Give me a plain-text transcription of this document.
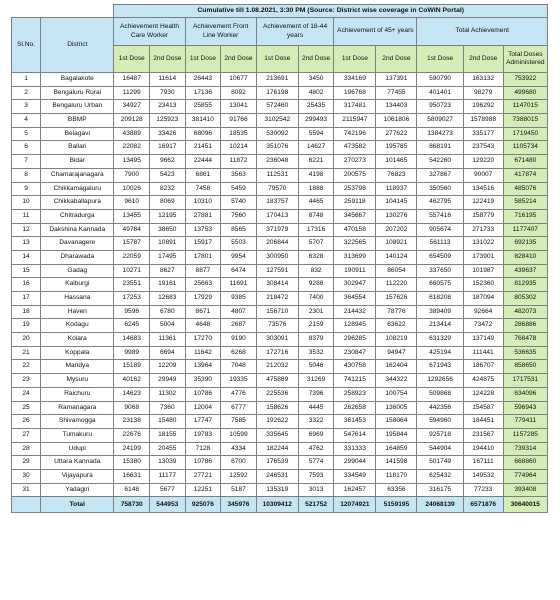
		Cumulative till 1.08.2021, 3:30 PM (Source: District wise coverage in CoWIN Portal)										
Sl.No.	District	Achievement Health Care Worker		Achievement Front Line Worker		Achievement of 18-44 years		Achievement of 45+ years		Total Achievement		
		1st Dose	2nd Dose	1st Dose	2nd Dose	1st Dose	2nd Dose	1st Dose	2nd Dose	1st Dose	2nd Dose	Total Doses Administered
1	Bagalakote	16487	11614	26443	10677	213691	3450	334169	137391	590790	163132	753922
2	Bengaluru Rural	11299	7930	17136	8092	176198	4802	196768	77455	401401	98279	499680
3	Bengaluru Urban	34927	23413	25855	13041	572460	25435	317481	134403	950723	196292	1147015
4	BBMP	209128	125923	381410	91766	3102542	299493	2115947	1061806	5809027	1578988	7388015
5	Belagavi	43889	33426	68096	18535	530092	5594	742196	277622	1384273	335177	1719450
6	Ballari	22082	16917	21451	10214	351076	14627	473582	195785	868191	237543	1105734
7	Bidar	13495	9662	22444	11872	236048	6221	270273	101465	542260	129220	671480
8	Chamarajanagara	7900	5423	6861	3563	112531	4198	200575	76823	327867	90007	417874
9	Chikkamagaluru	10026	8232	7458	5459	79570	1888	253798	118937	350560	134516	485076
10	Chikkaballapura	9610	8069	10310	5740	183757	4465	259118	104145	462795	122419	585214
11	Chitradurga	13455	12195	27881	7560	170413	8748	345667	130276	557416	158779	716195
12	Dakshina Kannada	49784	38650	13753	8565	371979	17316	470158	207202	905674	271733	1177407
13	Davanagere	15787	10891	15917	5503	206844	5707	322565	108921	561113	131022	692135
14	Dharawada	22059	17495	17801	9954	300950	6328	313699	140124	654509	173901	828410
15	Gadag	10271	8627	8877	6474	127591	832	190911	86054	337650	101987	439637
16	Kalburgi	23551	19161	25663	11691	308414	9288	302947	112220	660575	152360	812935
17	Hassana	17253	12683	17929	9385	218472	7400	364554	157626	618208	187094	805302
18	Haveri	9596	6780	8671	4807	156710	2301	214432	78776	389409	92664	482073
19	Kodagu	6245	5004	4648	2687	73576	2159	128945	63622	213414	73472	286886
20	Kolara	14683	11361	17270	9190	303091	8379	296285	108219	631329	137149	768478
21	Koppala	9989	6694	11642	6268	172716	3532	230847	94947	425194	111441	536635
22	Mandya	15189	12209	13964	7048	212032	5046	430758	162404	671943	186707	858650
23	Mysuru	40162	29949	35390	19335	475889	31269	741215	344322	1292656	424875	1717531
24	Raichuru	14623	11302	10786	4776	225536	7396	258923	100754	509868	124228	634096
25	Ramanagara	9068	7360	12004	6777	158626	4445	262658	136005	442356	154587	596943
26	Shivamogga	23138	15480	17747	7585	192622	3322	361453	158064	594960	184451	779411
27	Tumakuru	22676	18155	19783	10599	335645	6969	547614	195844	925718	231567	1157285
28	Udupi	24199	20455	7128	4334	182244	4762	331333	164859	544904	194410	739314
29	Uttara Kannada	15380	13039	10786	6700	176539	5774	299044	141598	501749	167111	668860
30	Vijayapura	16631	11177	27721	12592	246531	7593	334549	118170	625432	149532	774964
31	Yadagiri	6148	5677	12251	5187	135319	3013	162457	63356	316175	77233	393408
	Total	758730	544953	925076	345976	10309412	521752	12074921	5159195	24068139	6571876	30640015
